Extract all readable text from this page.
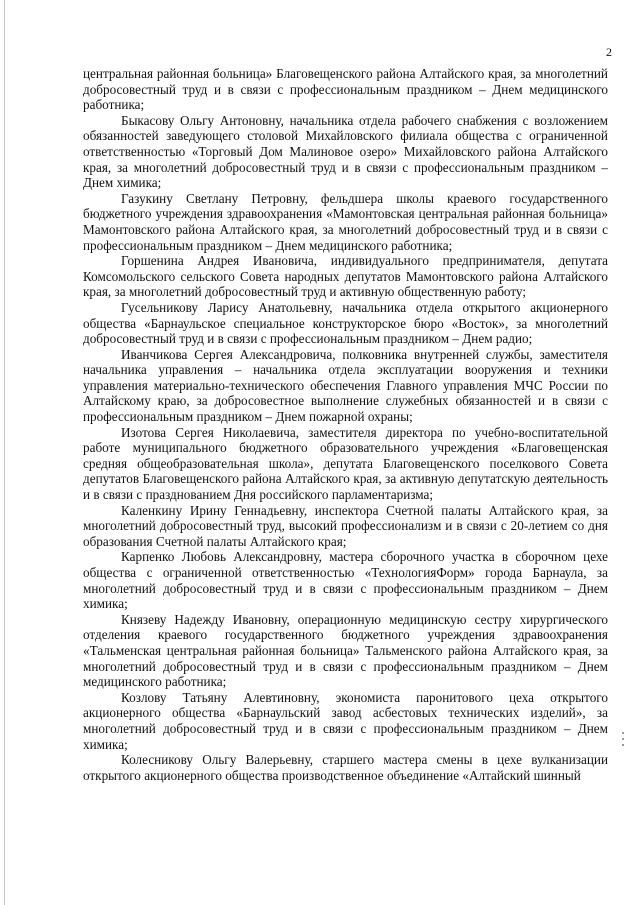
2

центральная районная больница» Благовещенского района Алтайского края, за многолетний добросовестный труд и в связи с профессиональным праздником – Днем медицинского работника;

Быкасову Ольгу Антоновну, начальника отдела рабочего снабжения с возложением обязанностей заведующего столовой Михайловского филиала общества с ограниченной ответственностью «Торговый Дом Малиновое озеро» Михайловского района Алтайского края, за многолетний добросовестный труд и в связи с профессиональным праздником – Днем химика;

Газукину Светлану Петровну, фельдшера школы краевого государственного бюджетного учреждения здравоохранения «Мамонтовская центральная районная больница» Мамонтовского района Алтайского края, за многолетний добросовестный труд и в связи с профессиональным праздником – Днем медицинского работника;

Горшенина Андрея Ивановича, индивидуального предпринимателя, депутата Комсомольского сельского Совета народных депутатов Мамонтовского района Алтайского края, за многолетний добросовестный труд и активную общественную работу;

Гусельникову Ларису Анатольевну, начальника отдела открытого акционерного общества «Барнаульское специальное конструкторское бюро «Восток», за многолетний добросовестный труд и в связи с профессиональным праздником – Днем радио;

Иванчикова Сергея Александровича, полковника внутренней службы, заместителя начальника управления – начальника отдела эксплуатации вооружения и техники управления материально-технического обеспечения Главного управления МЧС России по Алтайскому краю, за добросовестное выполнение служебных обязанностей и в связи с профессиональным праздником – Днем пожарной охраны;

Изотова Сергея Николаевича, заместителя директора по учебно-воспитательной работе муниципального бюджетного образовательного учреждения «Благовещенская средняя общеобразовательная школа», депутата Благовещенского поселкового Совета депутатов Благовещенского района Алтайского края, за активную депутатскую деятельность и в связи с празднованием Дня российского парламентаризма;

Каленкину Ирину Геннадьевну, инспектора Счетной палаты Алтайского края, за многолетний добросовестный труд, высокий профессионализм и в связи с 20-летием со дня образования Счетной палаты Алтайского края;

Карпенко Любовь Александровну, мастера сборочного участка в сборочном цехе общества с ограниченной ответственностью «ТехнологияФорм» города Барнаула, за многолетний добросовестный труд и в связи с профессиональным праздником – Днем химика;

Князеву Надежду Ивановну, операционную медицинскую сестру хирургического отделения краевого государственного бюджетного учреждения здравоохранения «Тальменская центральная районная больница» Тальменского района Алтайского края, за многолетний добросовестный труд и в связи с профессиональным праздником – Днем медицинского работника;

Козлову Татьяну Алевтиновну, экономиста паронитового цеха открытого акционерного общества «Барнаульский завод асбестовых технических изделий», за многолетний добросовестный труд и в связи с профессиональным праздником – Днем химика;

Колесникову Ольгу Валерьевну, старшего мастера смены в цехе вулканизации открытого акционерного общества производственное объединение «Алтайский шинный
